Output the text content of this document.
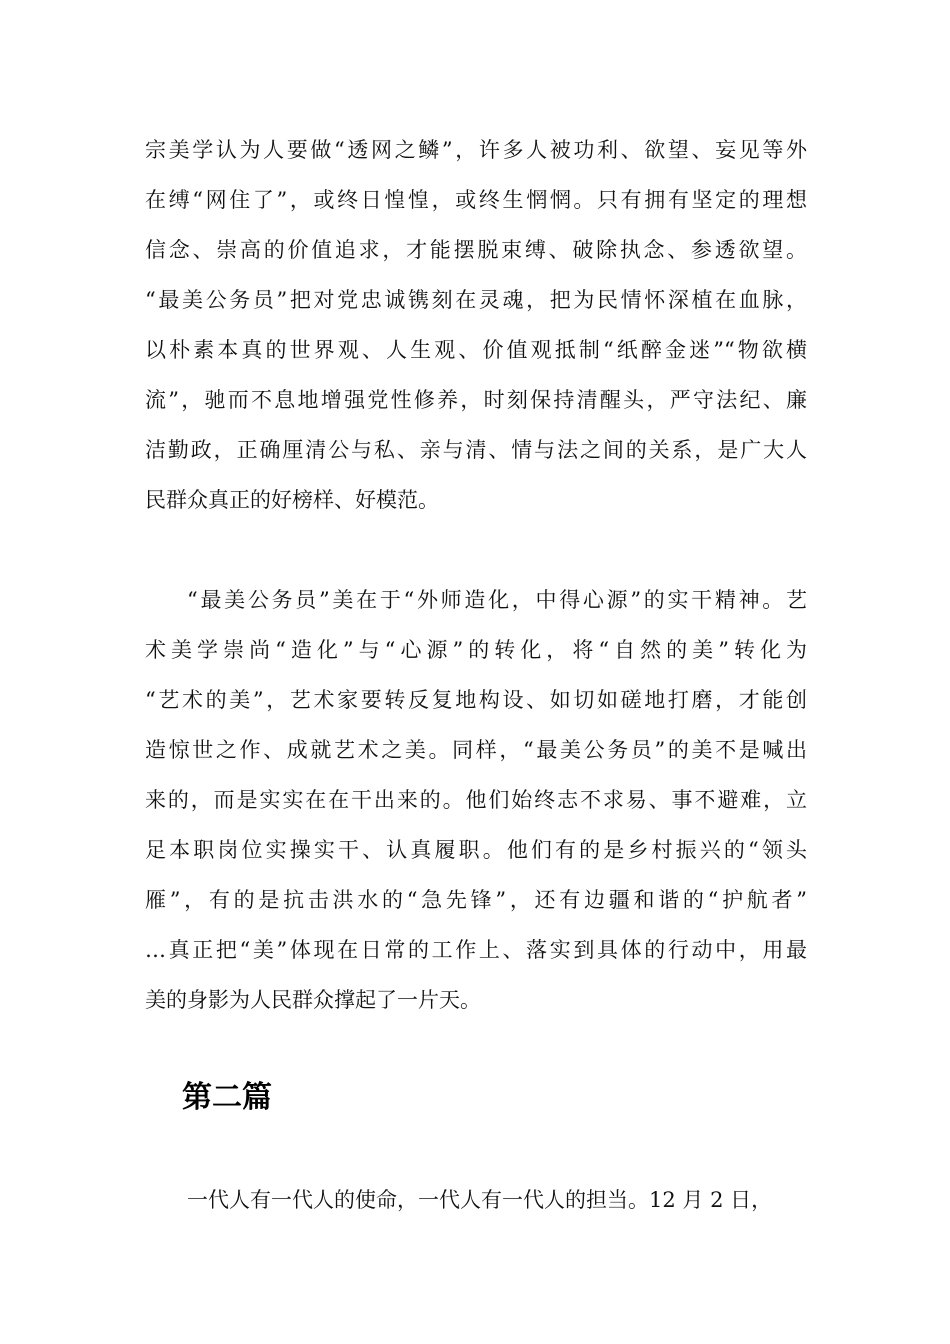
宗美学认为人要做“透网之鳞”，许多人被功利、欲望、妄见等外
在缚“网住了”，或终日惶惶，或终生惘惘。只有拥有坚定的理想
信念、崇高的价值追求，才能摆脱束缚、破除执念、参透欲望。
“最美公务员”把对党忠诚镌刻在灵魂，把为民情怀深植在血脉，
以朴素本真的世界观、人生观、价值观抵制“纸醉金迷”“物欲横
流”，驰而不息地增强党性修养，时刻保持清醒头，严守法纪、廉
洁勤政，正确厘清公与私、亲与清、情与法之间的关系，是广大人
民群众真正的好榜样、好模范。
“最美公务员”美在于“外师造化，中得心源”的实干精神。艺
术美学崇尚“造化”与“心源”的转化，将“自然的美”转化为
“艺术的美”，艺术家要转反复地构设、如切如磋地打磨，才能创
造惊世之作、成就艺术之美。同样，“最美公务员”的美不是喊出
来的，而是实实在在干出来的。他们始终志不求易、事不避难，立
足本职岗位实操实干、认真履职。他们有的是乡村振兴的“领头
雁”，有的是抗击洪水的“急先锋”，还有边疆和谐的“护航者”
…真正把“美”体现在日常的工作上、落实到具体的行动中，用最
美的身影为人民群众撑起了一片天。
第二篇
一代人有一代人的使命，一代人有一代人的担当。12 月 2 日，
